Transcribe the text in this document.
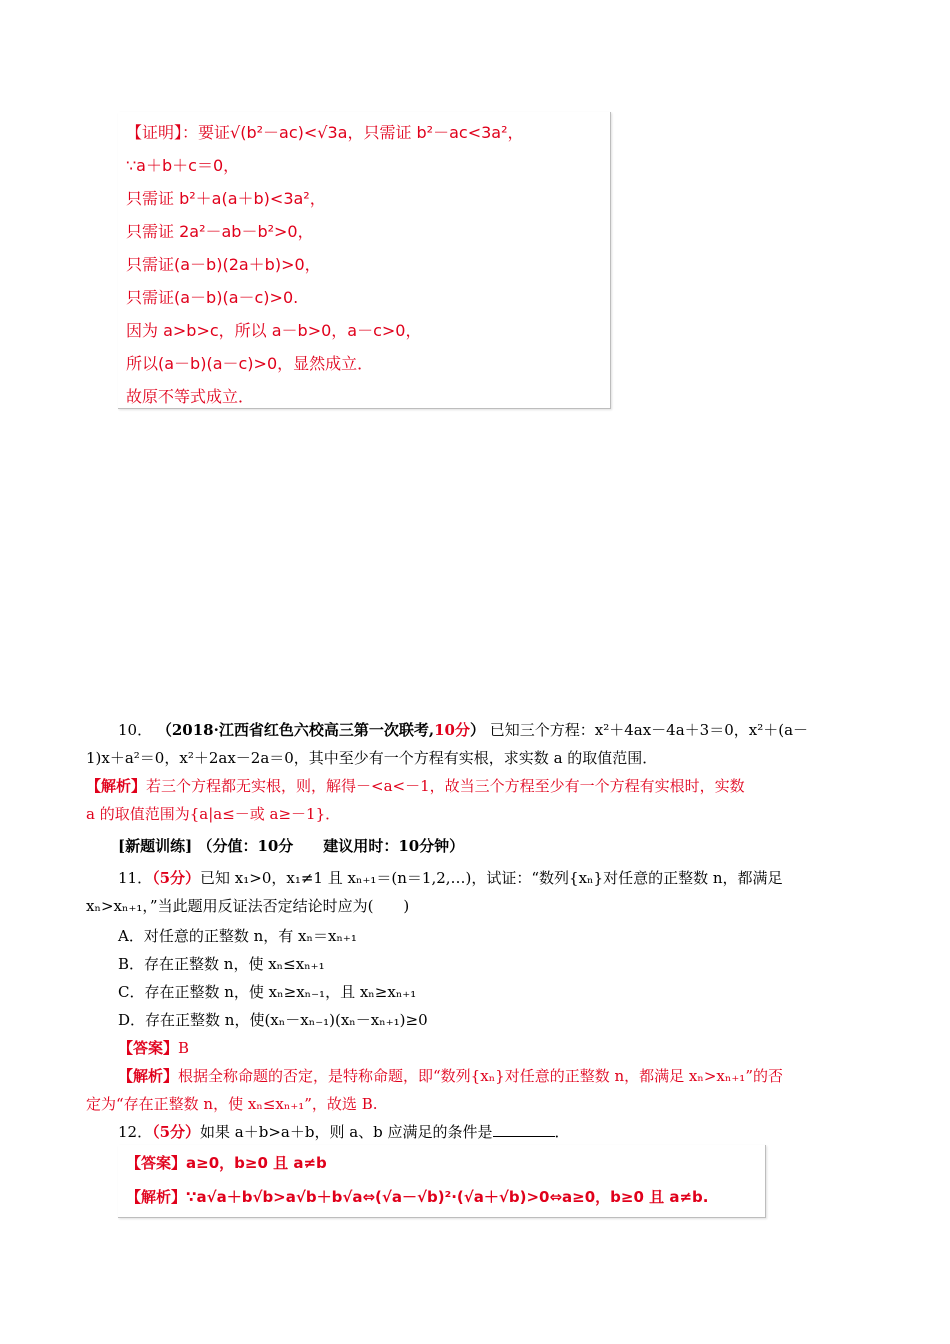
【证明】：要证√(b²－ac)<√3a，只需证 b²－ac<3a²，
∵a＋b＋c＝0，
只需证 b²＋a(a＋b)<3a²，
只需证 2a²－ab－b²>0，
只需证(a－b)(2a＋b)>0，
只需证(a－b)(a－c)>0.
因为 a>b>c，所以 a－b>0，a－c>0，
所以(a－b)(a－c)>0，显然成立．
故原不等式成立．
10． （2018·江西省红色六校高三第一次联考,10分） 已知三个方程：x²＋4ax－4a＋3＝0，x²＋(a－
1)x＋a²＝0，x²＋2ax－2a＝0，其中至少有一个方程有实根，求实数 a 的取值范围．
【解析】若三个方程都无实根，则，解得－<a<－1，故当三个方程至少有一个方程有实根时，实数
a 的取值范围为{a|a≤－或 a≥－1}．
[新题训练] （分值：10分　　建议用时：10分钟）
11．（5分）已知 x₁>0，x₁≠1 且 xₙ₊₁＝(n＝1,2,…)，试证：“数列{xₙ}对任意的正整数 n，都满足
xₙ>xₙ₊₁，”当此题用反证法否定结论时应为(　　)
A．对任意的正整数 n，有 xₙ＝xₙ₊₁
B．存在正整数 n，使 xₙ≤xₙ₊₁
C．存在正整数 n，使 xₙ≥xₙ₋₁，且 xₙ≥xₙ₊₁
D．存在正整数 n，使(xₙ－xₙ₋₁)(xₙ－xₙ₊₁)≥0
【答案】B
【解析】根据全称命题的否定，是特称命题，即“数列{xₙ}对任意的正整数 n，都满足 xₙ>xₙ₊₁”的否
定为“存在正整数 n，使 xₙ≤xₙ₊₁”，故选 B.
12．（5分）如果 a＋b>a＋b，则 a、b 应满足的条件是	．
【答案】a≥0，b≥0 且 a≠b
【解析】∵a√a＋b√b>a√b＋b√a⇔(√a－√b)²·(√a＋√b)>0⇔a≥0，b≥0 且 a≠b.
